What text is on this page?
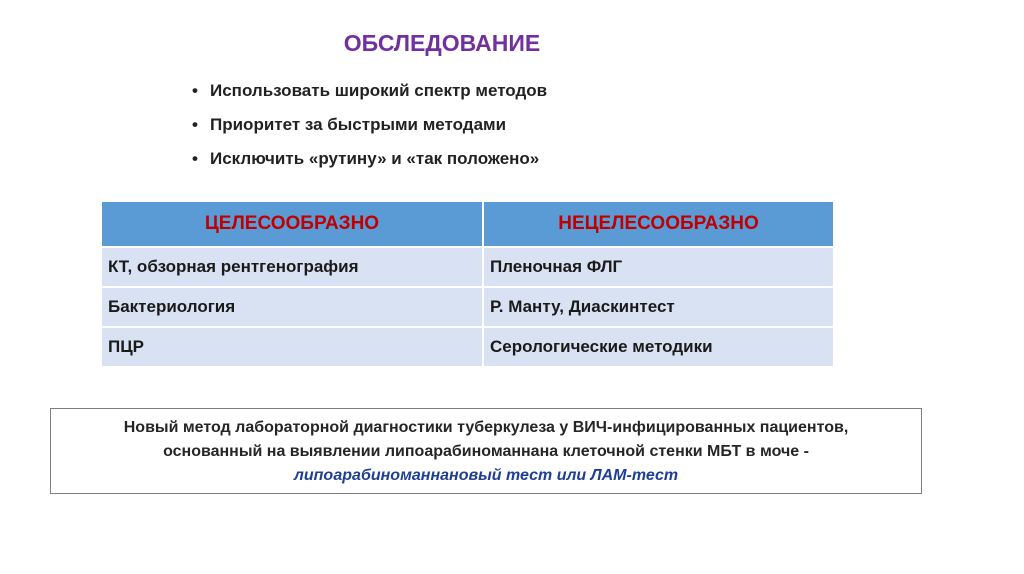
ОБСЛЕДОВАНИЕ
• Использовать широкий спектр методов
• Приоритет за быстрыми методами
• Исключить «рутину» и «так положено»
ЦЕЛЕСООБРАЗНО	НЕЦЕЛЕСООБРАЗНО
КТ, обзорная рентгенография	Пленочная ФЛГ
Бактериология	Р. Манту, Диаскинтест
ПЦР	Серологические методики
Новый метод лабораторной диагностики туберкулеза у ВИЧ-инфицированных пациентов,
основанный на выявлении липоарабиноманнана клеточной стенки МБТ в моче -
липоарабиноманнановый тест или ЛАМ-тест
